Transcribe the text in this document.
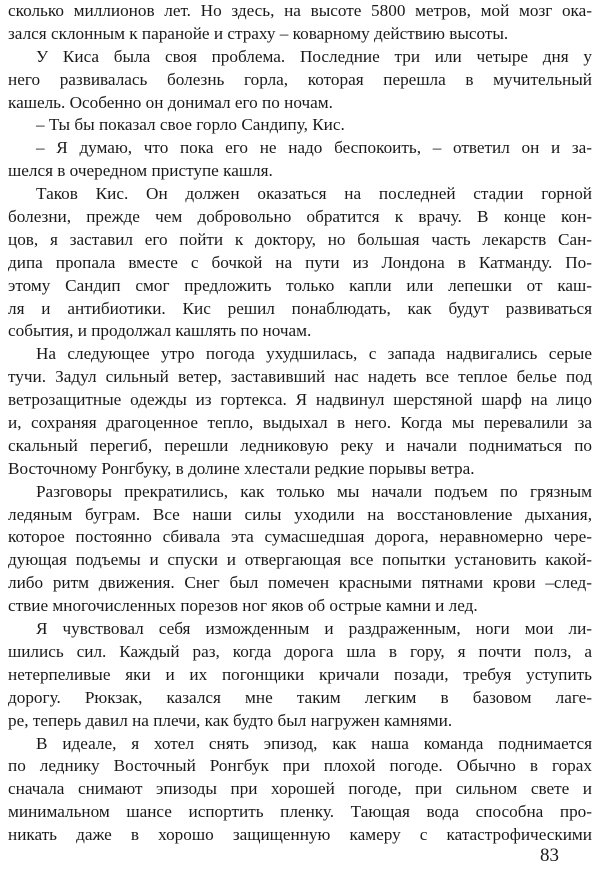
сколько миллионов лет. Но здесь, на высоте 5800 метров, мой мозг ока-
зался склонным к паранойе и страху – коварному действию высоты.
У Киса была своя проблема. Последние три или четыре дня у
него развивалась болезнь горла, которая перешла в мучительный
кашель. Особенно он донимал его по ночам.
– Ты бы показал свое горло Сандипу, Кис.
– Я думаю, что пока его не надо беспокоить, – ответил он и за-
шелся в очередном приступе кашля.
Таков Кис. Он должен оказаться на последней стадии горной
болезни, прежде чем добровольно обратится к врачу. В конце кон-
цов, я заставил его пойти к доктору, но большая часть лекарств Сан-
дипа пропала вместе с бочкой на пути из Лондона в Катманду. По-
этому Сандип смог предложить только капли или лепешки от каш-
ля и антибиотики. Кис решил понаблюдать, как будут развиваться
события, и продолжал кашлять по ночам.
На следующее утро погода ухудшилась, с запада надвигались серые
тучи. Задул сильный ветер, заставивший нас надеть все теплое белье под
ветрозащитные одежды из гортекса. Я надвинул шерстяной шарф на лицо
и, сохраняя драгоценное тепло, выдыхал в него. Когда мы перевалили за
скальный перегиб, перешли ледниковую реку и начали подниматься по
Восточному Ронгбуку, в долине хлестали редкие порывы ветра.
Разговоры прекратились, как только мы начали подъем по грязным
ледяным буграм. Все наши силы уходили на восстановление дыхания,
которое постоянно сбивала эта сумасшедшая дорога, неравномерно чере-
дующая подъемы и спуски и отвергающая все попытки установить какой-
либо ритм движения. Снег был помечен красными пятнами крови –след-
ствие многочисленных порезов ног яков об острые камни и лед.
Я чувствовал себя изможденным и раздраженным, ноги мои ли-
шились сил. Каждый раз, когда дорога шла в гору, я почти полз, а
нетерпеливые яки и их погонщики кричали позади, требуя уступить
дорогу. Рюкзак, казался мне таким легким в базовом лаге-
ре, теперь давил на плечи, как будто был нагружен камнями.
В идеале, я хотел снять эпизод, как наша команда поднимается
по леднику Восточный Ронгбук при плохой погоде. Обычно в горах
сначала снимают эпизоды при хорошей погоде, при сильном свете и
минимальном шансе испортить пленку. Тающая вода способна про-
никать даже в хорошо защищенную камеру с катастрофическими
83
